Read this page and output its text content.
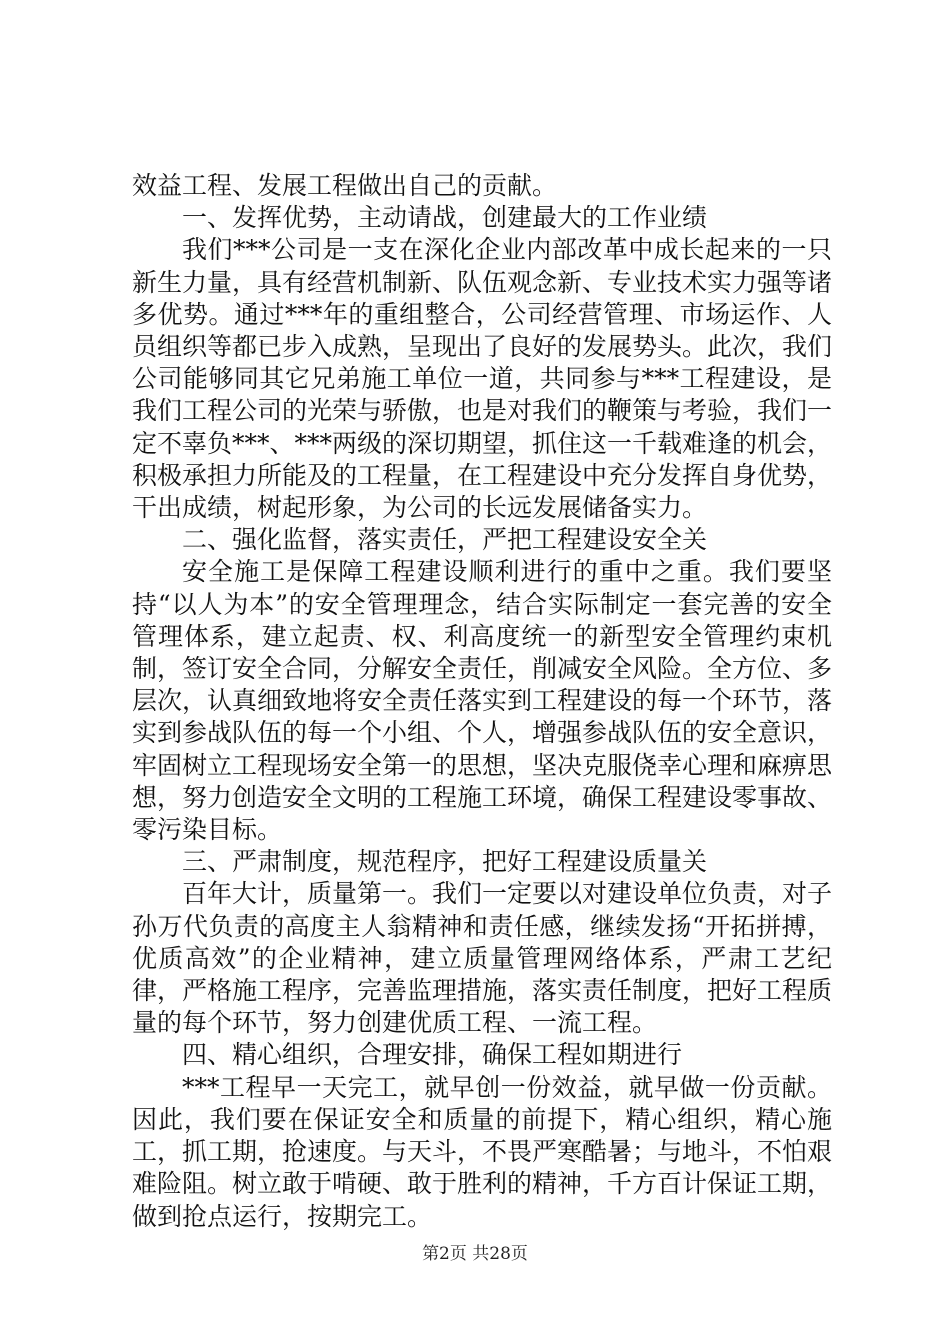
效益工程、发展工程做出自己的贡献。

一、发挥优势，主动请战，创建最大的工作业绩

我们***公司是一支在深化企业内部改革中成长起来的一只新生力量，具有经营机制新、队伍观念新、专业技术实力强等诸多优势。通过***年的重组整合，公司经营管理、市场运作、人员组织等都已步入成熟，呈现出了良好的发展势头。此次，我们公司能够同其它兄弟施工单位一道，共同参与***工程建设，是我们工程公司的光荣与骄傲，也是对我们的鞭策与考验，我们一定不辜负***、***两级的深切期望，抓住这一千载难逢的机会，积极承担力所能及的工程量，在工程建设中充分发挥自身优势，干出成绩，树起形象，为公司的长远发展储备实力。

二、强化监督，落实责任，严把工程建设安全关

安全施工是保障工程建设顺利进行的重中之重。我们要坚持“以人为本”的安全管理理念，结合实际制定一套完善的安全管理体系，建立起责、权、利高度统一的新型安全管理约束机制，签订安全合同，分解安全责任，削减安全风险。全方位、多层次，认真细致地将安全责任落实到工程建设的每一个环节，落实到参战队伍的每一个小组、个人，增强参战队伍的安全意识，牢固树立工程现场安全第一的思想，坚决克服侥幸心理和麻痹思想，努力创造安全文明的工程施工环境，确保工程建设零事故、零污染目标。

三、严肃制度，规范程序，把好工程建设质量关

百年大计，质量第一。我们一定要以对建设单位负责，对子孙万代负责的高度主人翁精神和责任感，继续发扬“开拓拼搏，优质高效”的企业精神，建立质量管理网络体系，严肃工艺纪律，严格施工程序，完善监理措施，落实责任制度，把好工程质量的每个环节，努力创建优质工程、一流工程。

四、精心组织，合理安排，确保工程如期进行

***工程早一天完工，就早创一份效益，就早做一份贡献。因此，我们要在保证安全和质量的前提下，精心组织，精心施工，抓工期，抢速度。与天斗，不畏严寒酷暑；与地斗，不怕艰难险阻。树立敢于啃硬、敢于胜利的精神，千方百计保证工期，做到抢点运行，按期完工。

第2页 共28页
